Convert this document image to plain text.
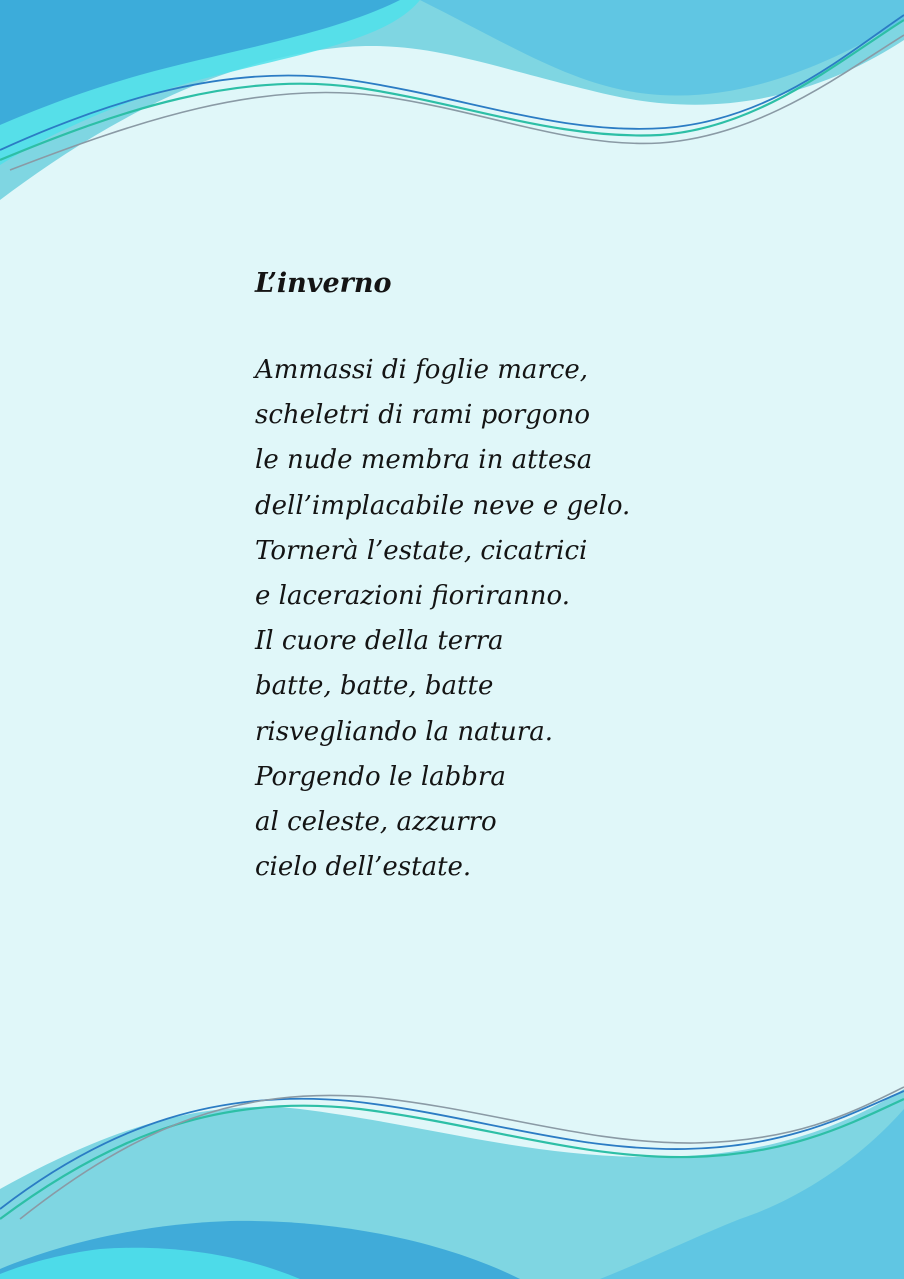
L’inverno
Ammassi di foglie marce,
scheletri di rami porgono
le nude membra in attesa
dell’implacabile neve e gelo.
Tornerà l’estate, cicatrici
e lacerazioni fioriranno.
Il cuore della terra
batte, batte, batte
risvegliando la natura.
Porgendo le labbra
al celeste, azzurro
cielo dell’estate.
